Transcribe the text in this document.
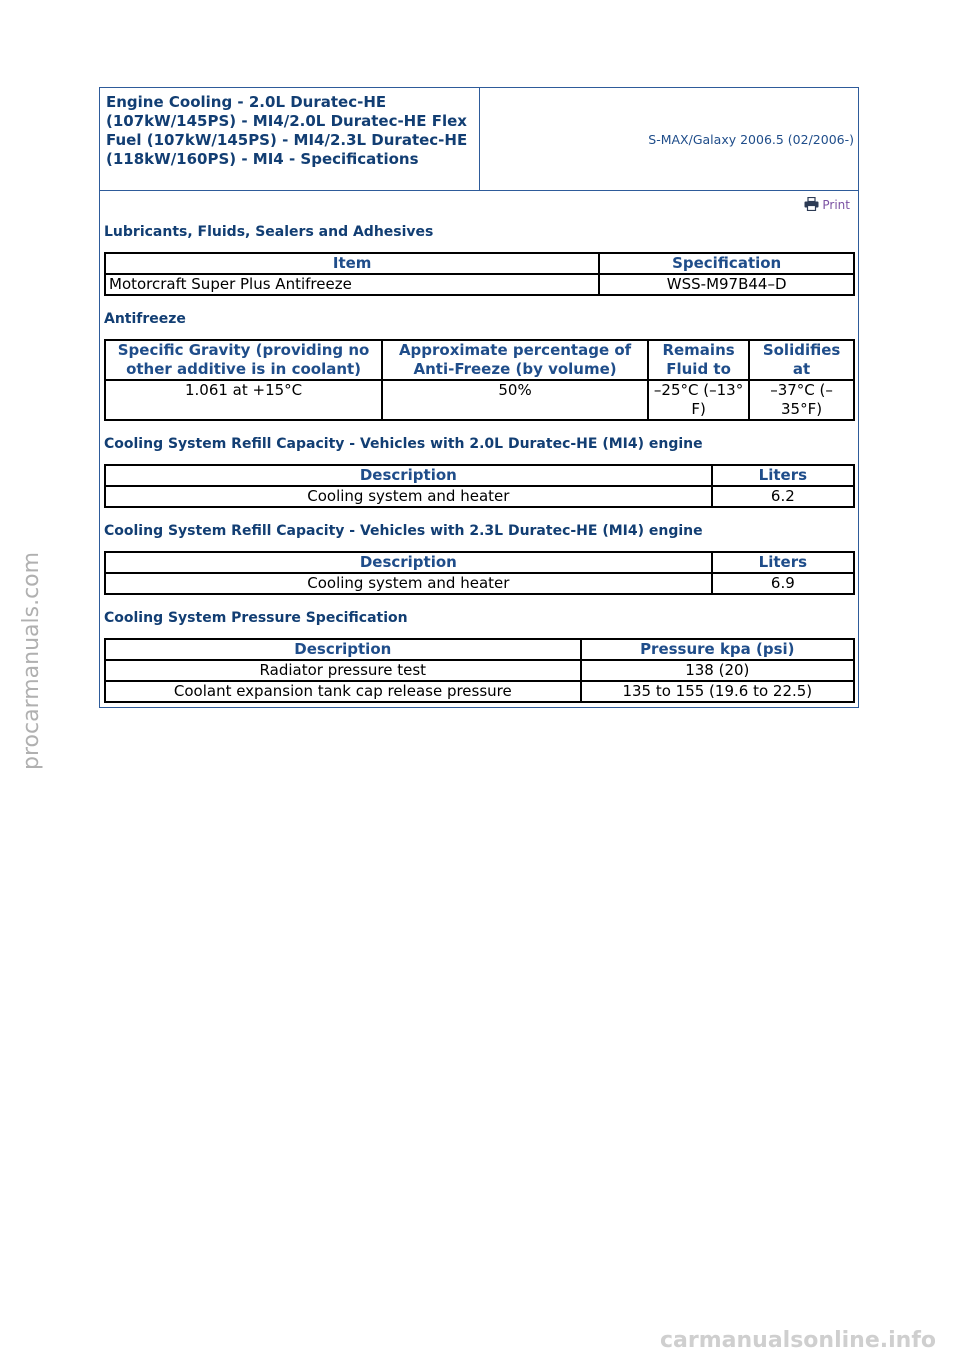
Engine Cooling - 2.0L Duratec-HE (107kW/145PS) - MI4/2.0L Duratec-HE Flex Fuel (107kW/145PS) - MI4/2.3L Duratec-HE (118kW/160PS) - MI4 - Specifications
S-MAX/Galaxy 2006.5 (02/2006-)
Print
Lubricants, Fluids, Sealers and Adhesives
Item	Specification
Motorcraft Super Plus Antifreeze	WSS-M97B44–D
Antifreeze
Specific Gravity (providing no other additive is in coolant)	Approximate percentage of Anti-Freeze (by volume)	Remains Fluid to	Solidifies at
1.061 at +15°C	50%	–25°C (–13° F)	–37°C (– 35°F)
Cooling System Refill Capacity - Vehicles with 2.0L Duratec-HE (MI4) engine
Description	Liters
Cooling system and heater	6.2
Cooling System Refill Capacity - Vehicles with 2.3L Duratec-HE (MI4) engine
Description	Liters
Cooling system and heater	6.9
Cooling System Pressure Specification
Description	Pressure kpa (psi)
Radiator pressure test	138 (20)
Coolant expansion tank cap release pressure	135 to 155 (19.6 to 22.5)
procarmanuals.com
carmanualsonline.info
